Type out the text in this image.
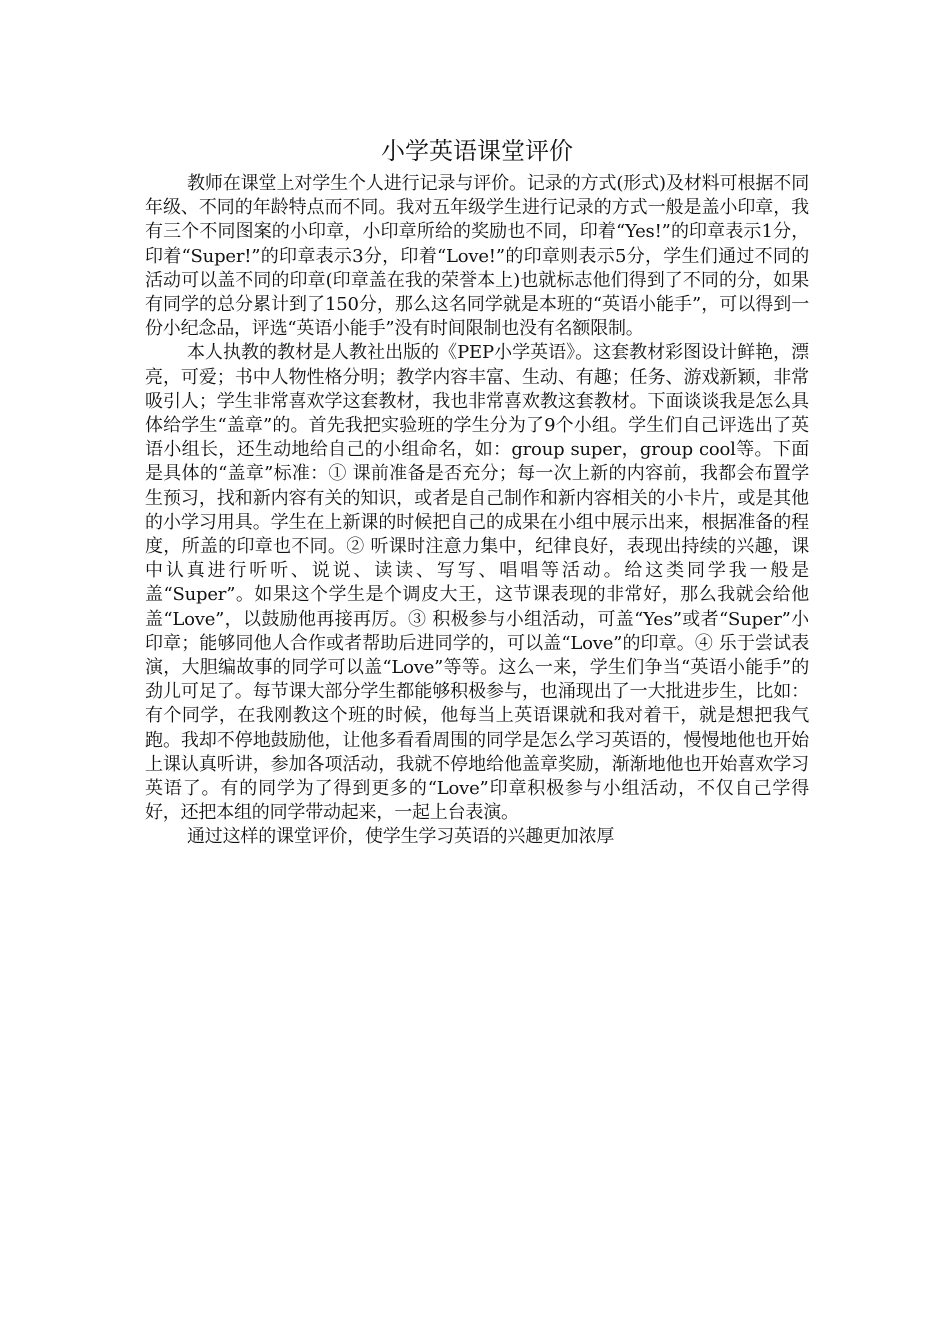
小学英语课堂评价

教师在课堂上对学生个人进行记录与评价。记录的方式(形式)及材料可根据不同年级、不同的年龄特点而不同。我对五年级学生进行记录的方式一般是盖小印章，我有三个不同图案的小印章，小印章所给的奖励也不同，印着“Yes!”的印章表示1分，印着“Super!”的印章表示3分，印着“Love!”的印章则表示5分，学生们通过不同的活动可以盖不同的印章(印章盖在我的荣誉本上)也就标志他们得到了不同的分，如果有同学的总分累计到了150分，那么这名同学就是本班的“英语小能手”，可以得到一份小纪念品，评选“英语小能手”没有时间限制也没有名额限制。

本人执教的教材是人教社出版的《PEP小学英语》。这套教材彩图设计鲜艳，漂亮，可爱；书中人物性格分明；教学内容丰富、生动、有趣；任务、游戏新颖，非常吸引人；学生非常喜欢学这套教材，我也非常喜欢教这套教材。下面谈谈我是怎么具体给学生“盖章”的。首先我把实验班的学生分为了9个小组。学生们自己评选出了英语小组长，还生动地给自己的小组命名，如：group super，group cool等。下面是具体的“盖章”标准：① 课前准备是否充分；每一次上新的内容前，我都会布置学生预习，找和新内容有关的知识，或者是自己制作和新内容相关的小卡片，或是其他的小学习用具。学生在上新课的时候把自己的成果在小组中展示出来，根据准备的程度，所盖的印章也不同。② 听课时注意力集中，纪律良好，表现出持续的兴趣，课中认真进行听听、说说、读读、写写、唱唱等活动。给这类同学我一般是盖“Super”。如果这个学生是个调皮大王，这节课表现的非常好，那么我就会给他盖“Love”，以鼓励他再接再厉。③ 积极参与小组活动，可盖“Yes”或者“Super”小印章；能够同他人合作或者帮助后进同学的，可以盖“Love”的印章。④ 乐于尝试表演，大胆编故事的同学可以盖“Love”等等。这么一来，学生们争当“英语小能手”的劲儿可足了。每节课大部分学生都能够积极参与，也涌现出了一大批进步生，比如：有个同学，在我刚教这个班的时候，他每当上英语课就和我对着干，就是想把我气跑。我却不停地鼓励他，让他多看看周围的同学是怎么学习英语的，慢慢地他也开始上课认真听讲，参加各项活动，我就不停地给他盖章奖励，渐渐地他也开始喜欢学习英语了。有的同学为了得到更多的“Love”印章积极参与小组活动，不仅自己学得好，还把本组的同学带动起来，一起上台表演。

通过这样的课堂评价，使学生学习英语的兴趣更加浓厚
